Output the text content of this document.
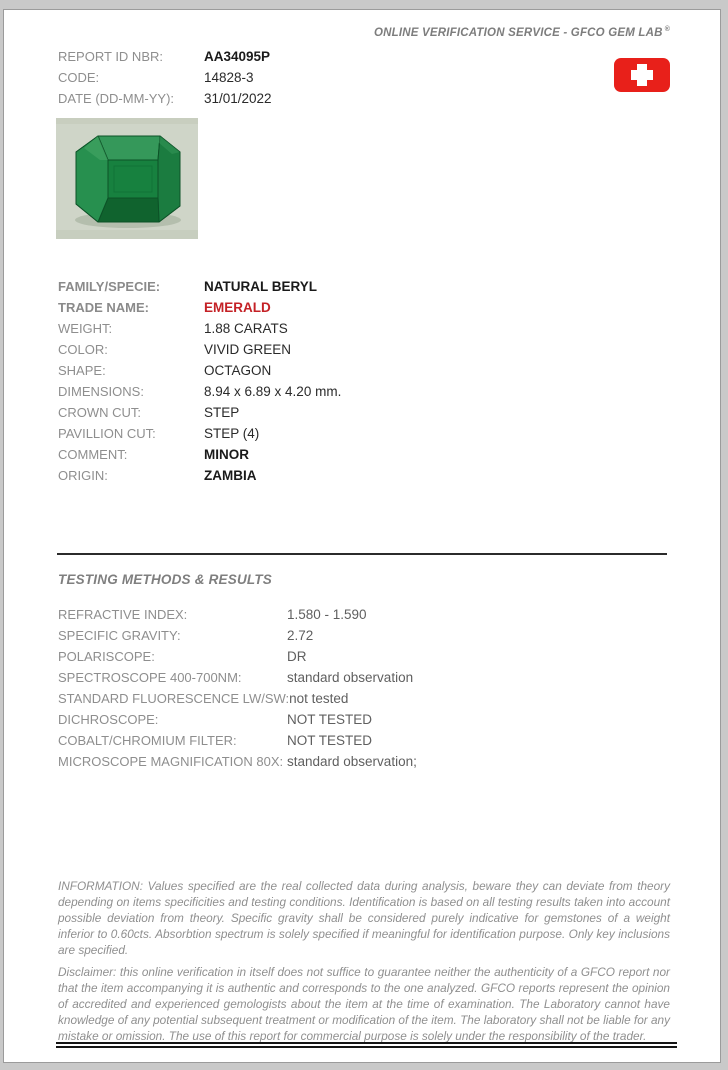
ONLINE VERIFICATION SERVICE - GFCO GEM LAB ®
REPORT ID NBR:	AA34095P
CODE:	14828-3
DATE (DD-MM-YY):	31/01/2022
FAMILY/SPECIE:	NATURAL BERYL
TRADE NAME:	EMERALD
WEIGHT:	1.88 CARATS
COLOR:	VIVID GREEN
SHAPE:	OCTAGON
DIMENSIONS:	8.94 x 6.89 x 4.20 mm.
CROWN CUT:	STEP
PAVILLION CUT:	STEP (4)
COMMENT:	MINOR
ORIGIN:	ZAMBIA
TESTING METHODS & RESULTS
REFRACTIVE INDEX:	1.580 - 1.590
SPECIFIC GRAVITY:	2.72
POLARISCOPE:	DR
SPECTROSCOPE 400-700NM:	standard observation
STANDARD FLUORESCENCE LW/SW: not tested
DICHROSCOPE:	NOT TESTED
COBALT/CHROMIUM FILTER:	NOT TESTED
MICROSCOPE MAGNIFICATION 80X: standard observation;

INFORMATION: Values specified are the real collected data during analysis, beware they can deviate from theory depending on items specificities and testing conditions. Identification is based on all testing results taken into account possible deviation from theory. Specific gravity shall be considered purely indicative for gemstones of a weight inferior to 0.60cts. Absorbtion spectrum is solely specified if meaningful for identification purpose. Only key inclusions are specified.

Disclaimer: this online verification in itself does not suffice to guarantee neither the authenticity of a GFCO report nor that the item accompanying it is authentic and corresponds to the one analyzed. GFCO reports represent the opinion of accredited and experienced gemologists about the item at the time of examination. The Laboratory cannot have knowledge of any potential subsequent treatment or modification of the item. The laboratory shall not be liable for any mistake or omission. The use of this report for commercial purpose is solely under the responsibility of the trader.
